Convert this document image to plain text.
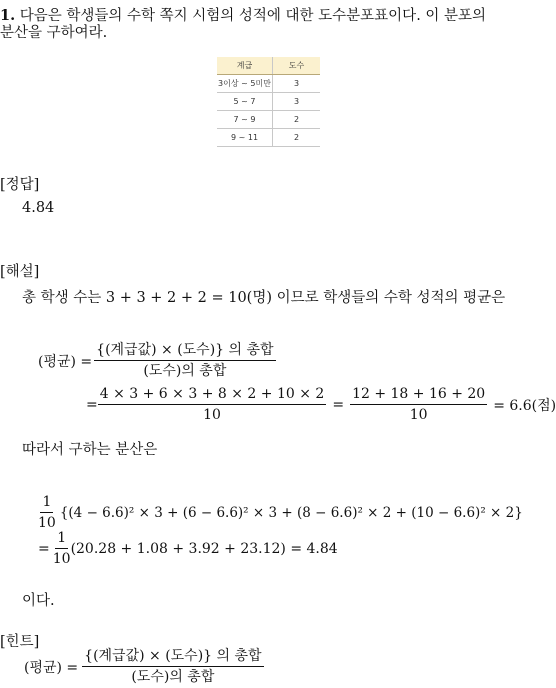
1. 다음은 학생들의 수학 쪽지 시험의 성적에 대한 도수분포표이다. 이 분포의
분산을 구하여라.
계급	도수
3이상 ~ 5미만	3
5 ~ 7	3
7 ~ 9	2
9 ~ 11	2
[정답]
4.84
[해설]
총 학생 수는 3 + 3 + 2 + 2 = 10(명) 이므로 학생들의 수학 성적의 평균은
(평균) = $\frac{\text{\{(계급값) × (도수)\} 의 총합}}{\text{(도수)의 총합}}$
= $\frac{4 \times 3 + 6 \times 3 + 8 \times 2 + 10 \times 2}{10} = \frac{12 + 18 + 16 + 20}{10} = 6.6$(점)
따라서 구하는 분산은
$\frac{1}{10} \{(4 - 6.6)^2 \times 3 + (6 - 6.6)^2 \times 3 + (8 - 6.6)^2 \times 2 + (10 - 6.6)^2 \times 2\}$
= $\frac{1}{10} (20.28 + 1.08 + 3.92 + 23.12) = 4.84$
이다.
[힌트]
(평균) = $\frac{\text{\{(계급값) × (도수)\} 의 총합}}{\text{(도수)의 총합}}$
